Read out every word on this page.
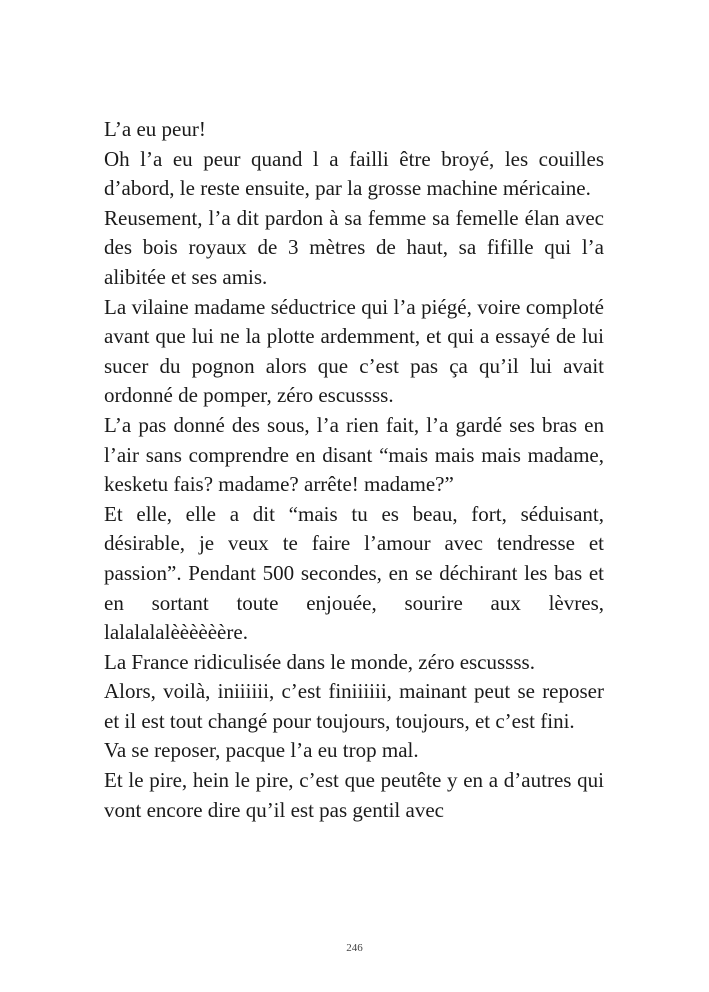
L’a eu peur!

Oh l’a eu peur quand l a failli être broyé, les couilles d’abord, le reste ensuite, par la grosse machine méricaine.

Reusement, l’a dit pardon à sa femme sa femelle élan avec des bois royaux de 3 mètres de haut, sa fifille qui l’a alibitée et ses amis.

La vilaine madame séductrice qui l’a piégé, voire comploté avant que lui ne la plotte ardemment, et qui a essayé de lui sucer du pognon alors que c’est pas ça qu’il lui avait ordonné de pomper, zéro escussss.

L’a pas donné des sous, l’a rien fait, l’a gardé ses bras en l’air sans comprendre en disant “mais mais mais madame, kesketu fais? madame? arrête! madame?”

Et elle, elle a dit “mais tu es beau, fort, séduisant, désirable, je veux te faire l’amour avec tendresse et passion”. Pendant 500 secondes, en se déchirant les bas et en sortant toute enjouée, sourire aux lèvres, lalalalalèèèèèère.

La France ridiculisée dans le monde, zéro escussss.

Alors, voilà, iniiiiii, c’est finiiiiii, mainant peut se reposer et il est tout changé pour toujours, toujours, et c’est fini.

Va se reposer, pacque l’a eu trop mal.

Et le pire, hein le pire, c’est que peutête y en a d’autres qui vont encore dire qu’il est pas gentil avec

246
